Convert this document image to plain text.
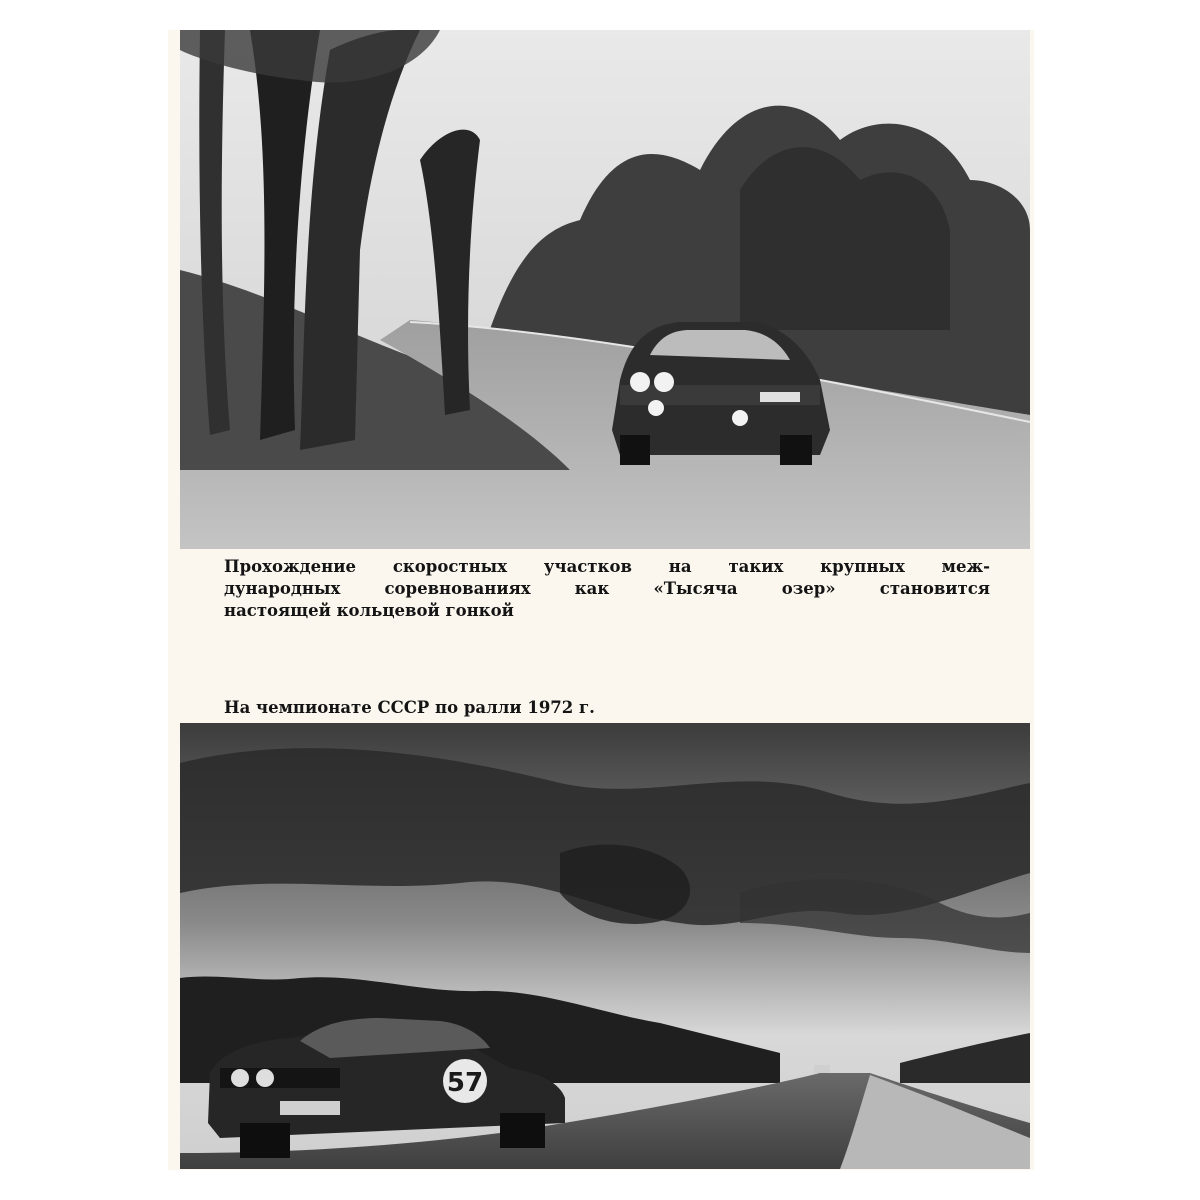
Прохождение скоростных участков на таких крупных меж-
дународных соревнованиях как «Тысяча озер» становится
настоящей кольцевой гонкой
На чемпионате СССР по ралли 1972 г.
57
